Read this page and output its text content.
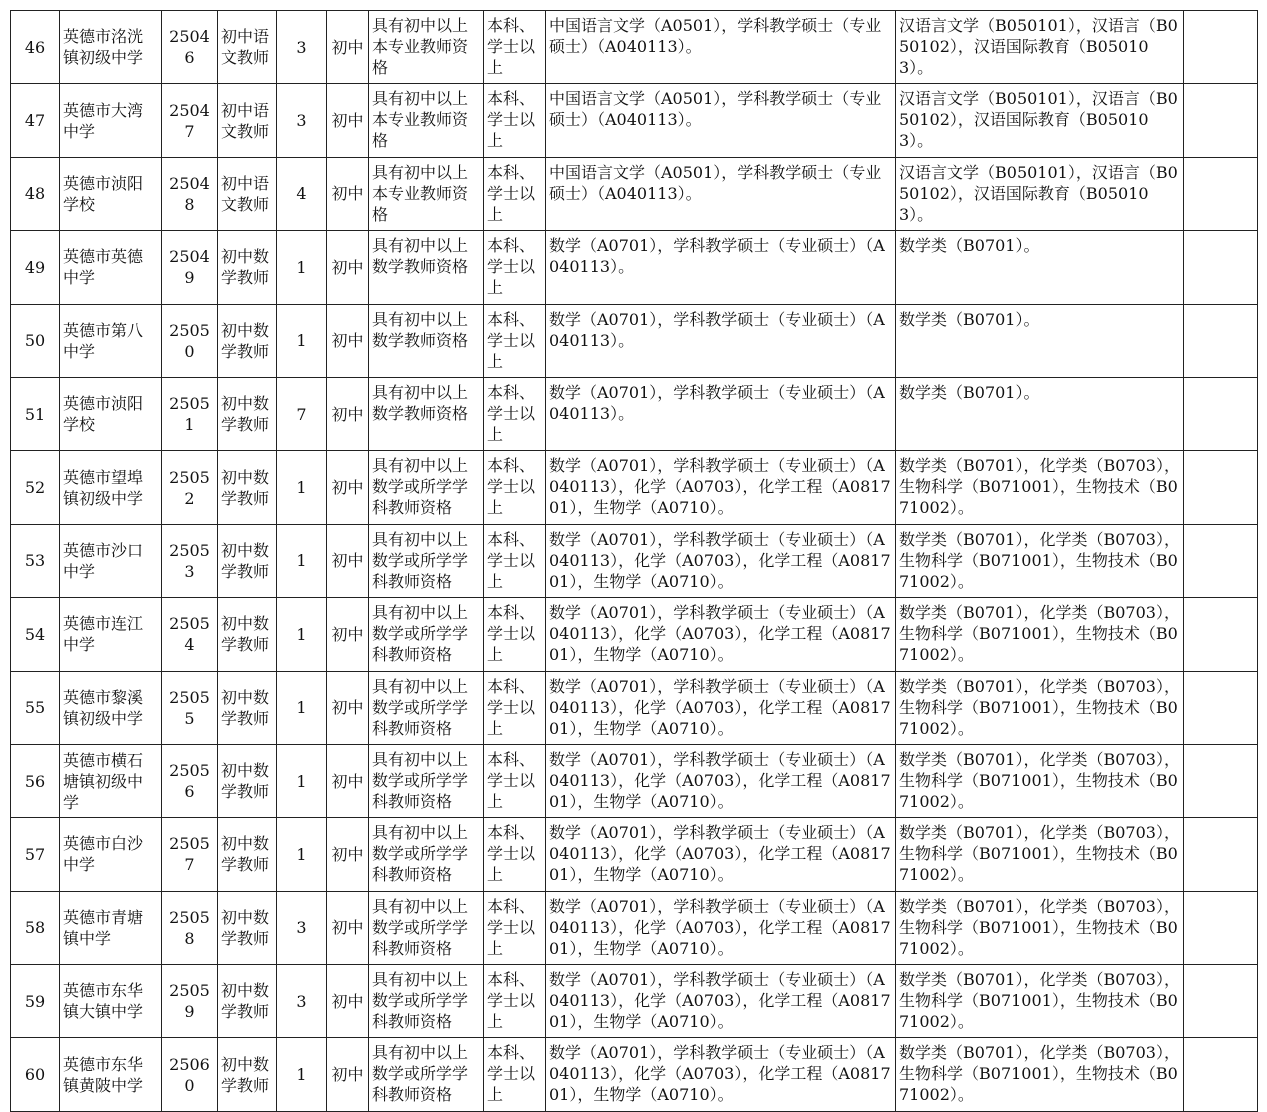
46	英德市洺洸镇初级中学	25046	初中语文教师	3	初中	具有初中以上本专业教师资格	本科、学士以上	中国语言文学（A0501），学科教学硕士（专业硕士）（A040113）。	汉语言文学（B050101），汉语言（B050102），汉语国际教育（B050103）。	
47	英德市大湾中学	25047	初中语文教师	3	初中	具有初中以上本专业教师资格	本科、学士以上	中国语言文学（A0501），学科教学硕士（专业硕士）（A040113）。	汉语言文学（B050101），汉语言（B050102），汉语国际教育（B050103）。	
48	英德市浈阳学校	25048	初中语文教师	4	初中	具有初中以上本专业教师资格	本科、学士以上	中国语言文学（A0501），学科教学硕士（专业硕士）（A040113）。	汉语言文学（B050101），汉语言（B050102），汉语国际教育（B050103）。	
49	英德市英德中学	25049	初中数学教师	1	初中	具有初中以上数学教师资格	本科、学士以上	数学（A0701），学科教学硕士（专业硕士）（A040113）。	数学类（B0701）。	
50	英德市第八中学	25050	初中数学教师	1	初中	具有初中以上数学教师资格	本科、学士以上	数学（A0701），学科教学硕士（专业硕士）（A040113）。	数学类（B0701）。	
51	英德市浈阳学校	25051	初中数学教师	7	初中	具有初中以上数学教师资格	本科、学士以上	数学（A0701），学科教学硕士（专业硕士）（A040113）。	数学类（B0701）。	
52	英德市望埠镇初级中学	25052	初中数学教师	1	初中	具有初中以上数学或所学学科教师资格	本科、学士以上	数学（A0701），学科教学硕士（专业硕士）（A040113），化学（A0703），化学工程（A081701），生物学（A0710）。	数学类（B0701），化学类（B0703），生物科学（B071001），生物技术（B071002）。	
53	英德市沙口中学	25053	初中数学教师	1	初中	具有初中以上数学或所学学科教师资格	本科、学士以上	数学（A0701），学科教学硕士（专业硕士）（A040113），化学（A0703），化学工程（A081701），生物学（A0710）。	数学类（B0701），化学类（B0703），生物科学（B071001），生物技术（B071002）。	
54	英德市连江中学	25054	初中数学教师	1	初中	具有初中以上数学或所学学科教师资格	本科、学士以上	数学（A0701），学科教学硕士（专业硕士）（A040113），化学（A0703），化学工程（A081701），生物学（A0710）。	数学类（B0701），化学类（B0703），生物科学（B071001），生物技术（B071002）。	
55	英德市黎溪镇初级中学	25055	初中数学教师	1	初中	具有初中以上数学或所学学科教师资格	本科、学士以上	数学（A0701），学科教学硕士（专业硕士）（A040113），化学（A0703），化学工程（A081701），生物学（A0710）。	数学类（B0701），化学类（B0703），生物科学（B071001），生物技术（B071002）。	
56	英德市横石塘镇初级中学	25056	初中数学教师	1	初中	具有初中以上数学或所学学科教师资格	本科、学士以上	数学（A0701），学科教学硕士（专业硕士）（A040113），化学（A0703），化学工程（A081701），生物学（A0710）。	数学类（B0701），化学类（B0703），生物科学（B071001），生物技术（B071002）。	
57	英德市白沙中学	25057	初中数学教师	1	初中	具有初中以上数学或所学学科教师资格	本科、学士以上	数学（A0701），学科教学硕士（专业硕士）（A040113），化学（A0703），化学工程（A081701），生物学（A0710）。	数学类（B0701），化学类（B0703），生物科学（B071001），生物技术（B071002）。	
58	英德市青塘镇中学	25058	初中数学教师	3	初中	具有初中以上数学或所学学科教师资格	本科、学士以上	数学（A0701），学科教学硕士（专业硕士）（A040113），化学（A0703），化学工程（A081701），生物学（A0710）。	数学类（B0701），化学类（B0703），生物科学（B071001），生物技术（B071002）。	
59	英德市东华镇大镇中学	25059	初中数学教师	3	初中	具有初中以上数学或所学学科教师资格	本科、学士以上	数学（A0701），学科教学硕士（专业硕士）（A040113），化学（A0703），化学工程（A081701），生物学（A0710）。	数学类（B0701），化学类（B0703），生物科学（B071001），生物技术（B071002）。	
60	英德市东华镇黄陂中学	25060	初中数学教师	1	初中	具有初中以上数学或所学学科教师资格	本科、学士以上	数学（A0701），学科教学硕士（专业硕士）（A040113），化学（A0703），化学工程（A081701），生物学（A0710）。	数学类（B0701），化学类（B0703），生物科学（B071001），生物技术（B071002）。	
